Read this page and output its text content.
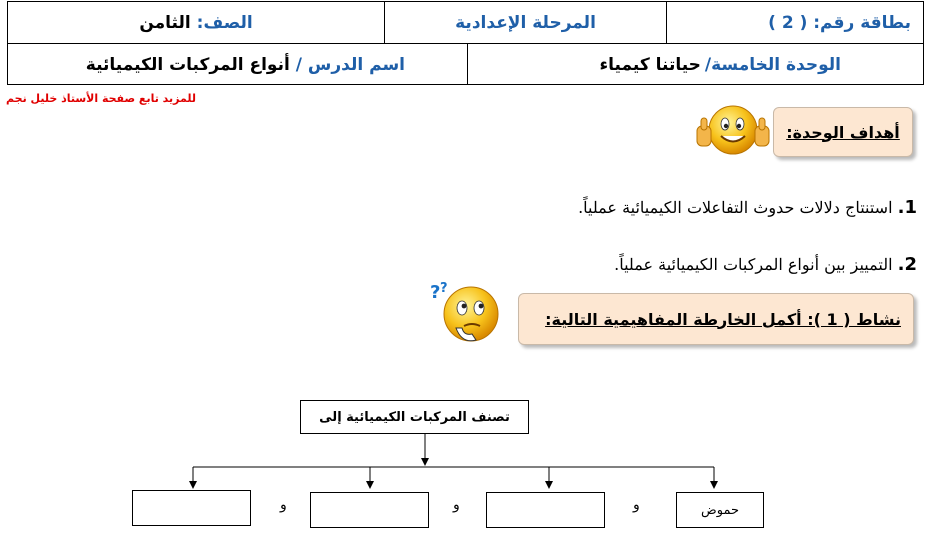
بطاقة رقم: ( 2 )
المرحلة الإعدادية
الصف:
الثامن
الوحدة الخامسة/
حياتنا كيمياء
اسم الدرس /
أنواع المركبات الكيميائية
للمزيد تابع صفحة الأستاذ خليل نجم
أهداف الوحدة:
1. استنتاج دلالات حدوث التفاعلات الكيميائية عملياً.
2. التمييز بين أنواع المركبات الكيميائية عملياً.
? ?
نشاط ( 1 ): أكمل الخارطة المفاهيمية التالية:
تصنف المركبات الكيميائية إلى
حموض
و
و
و
